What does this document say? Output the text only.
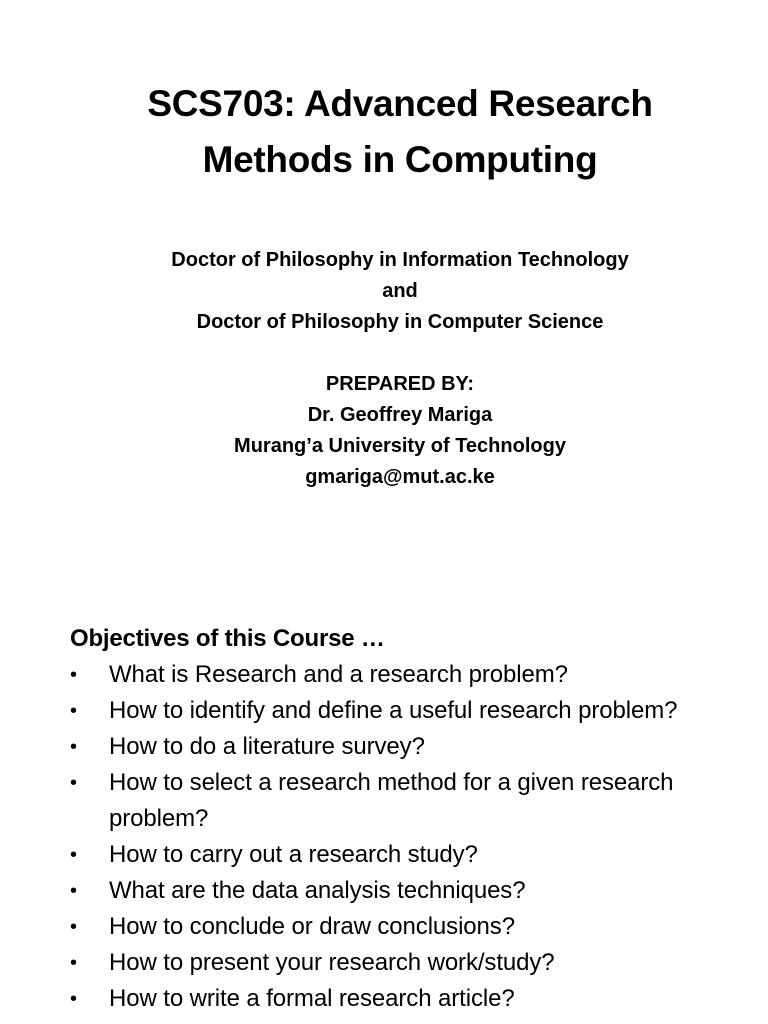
SCS703: Advanced Research
Methods in Computing
Doctor of Philosophy in Information Technology
and
Doctor of Philosophy in Computer Science
PREPARED BY:
Dr. Geoffrey Mariga
Murang’a University of Technology
gmariga@mut.ac.ke
Objectives of this Course …
•	What is Research and a research problem?
•	How to identify and define a useful research problem?
•	How to do a literature survey?
•	How to select a research method for a given research problem?
•	How to carry out a research study?
•	What are the data analysis techniques?
•	How to conclude or draw conclusions?
•	How to present your research work/study?
•	How to write a formal research article?
